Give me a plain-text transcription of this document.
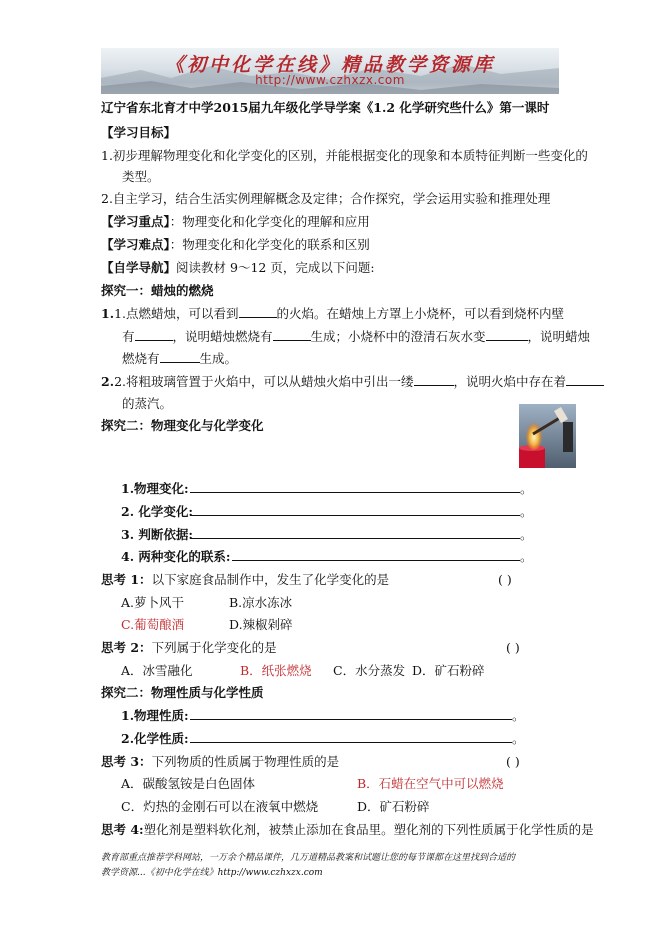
《初中化学在线》精品教学资源库
http://www.czhxzx.com
辽宁省东北育才中学2015届九年级化学导学案《1.2 化学研究些什么》第一课时
【学习目标】
1.初步理解物理变化和化学变化的区别，并能根据变化的现象和本质特征判断一些变化的
类型。
2.自主学习，结合生活实例理解概念及定律；合作探究，学会运用实验和推理处理
【学习重点】：物理变化和化学变化的理解和应用
【学习难点】：物理变化和化学变化的联系和区别
【自学导航】阅读教材 9～12 页，完成以下问题:
探究一：蜡烛的燃烧
1.1.点燃蜡烛，可以看到	的火焰。在蜡烛上方罩上小烧杯，可以看到烧杯内壁
有	，说明蜡烛燃烧有	生成；小烧杯中的澄清石灰水变	，说明蜡烛
燃烧有	生成。
2.2.将粗玻璃管置于火焰中，可以从蜡烛火焰中引出一缕	，说明火焰中存在着
的蒸汽。
探究二：物理变化与化学变化
1.物理变化:	。
2. 化学变化:	。
3. 判断依据:	。
4. 两种变化的联系:	。
思考 1：以下家庭食品制作中，发生了化学变化的是	( )
A.萝卜风干	B.凉水冻冰
C.葡萄酿酒	D.辣椒剁碎
思考 2：下列属于化学变化的是	( )
A．冰雪融化	B．纸张燃烧 C．水分蒸发 D．矿石粉碎
探究二：物理性质与化学性质
1.物理性质:	。
2.化学性质:	。
思考 3：下列物质的性质属于物理性质的是	( )
A．碳酸氢铵是白色固体	B．石蜡在空气中可以燃烧
C．灼热的金刚石可以在液氧中燃烧	D．矿石粉碎
思考 4:塑化剂是塑料软化剂，被禁止添加在食品里。塑化剂的下列性质属于化学性质的是
教育部重点推荐学科网站，一万余个精品课件，几万道精品教案和试题让您的每节课都在这里找到合适的
教学资源...《初中化学在线》http://www.czhxzx.com
